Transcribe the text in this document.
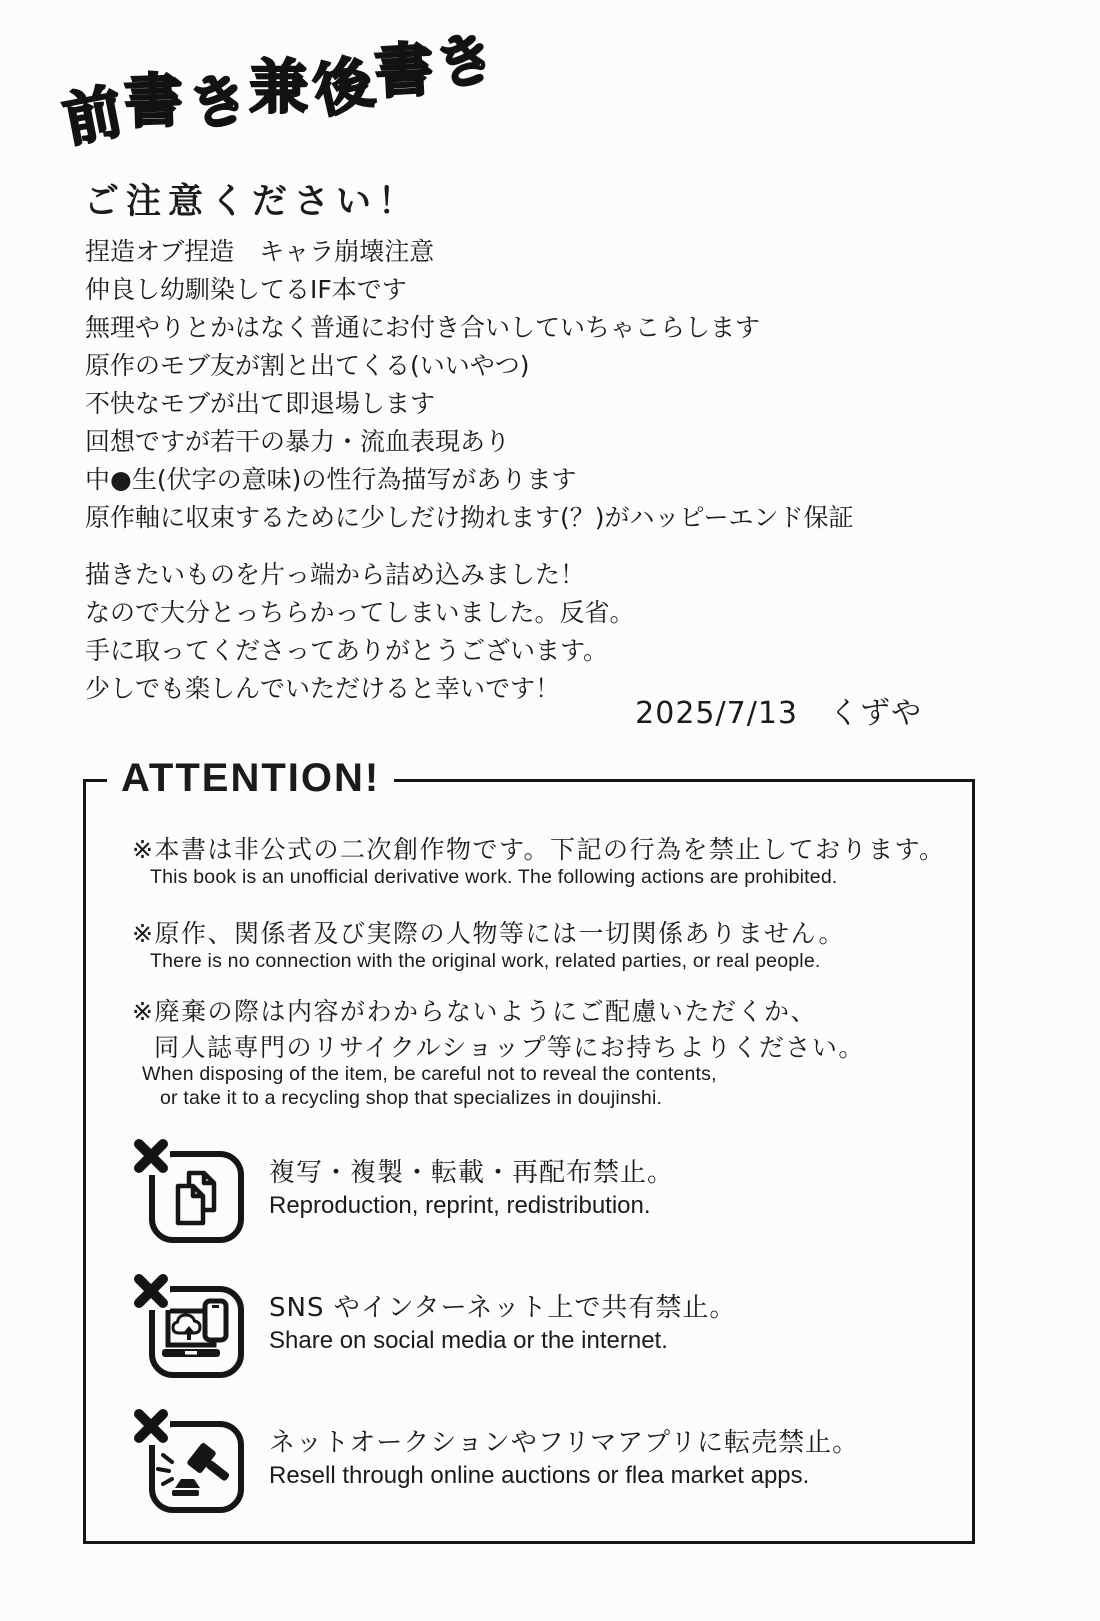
前書き兼後書き
ご注意ください！
捏造オブ捏造　キャラ崩壊注意
仲良し幼馴染してるIF本です
無理やりとかはなく普通にお付き合いしていちゃこらします
原作のモブ友が割と出てくる(いいやつ)
不快なモブが出て即退場します
回想ですが若干の暴力・流血表現あり
中●生(伏字の意味)の性行為描写があります
原作軸に収束するために少しだけ拗れます(？)がハッピーエンド保証
描きたいものを片っ端から詰め込みました！
なので大分とっちらかってしまいました。反省。
手に取ってくださってありがとうございます。
少しでも楽しんでいただけると幸いです！
2025/7/13　くずや
ATTENTION!
※本書は非公式の二次創作物です。下記の行為を禁止しております。
This book is an unofficial derivative work. The following actions are prohibited.
※原作、関係者及び実際の人物等には一切関係ありません。
There is no connection with the original work, related parties, or real people.
※廃棄の際は内容がわからないようにご配慮いただくか、
同人誌専門のリサイクルショップ等にお持ちよりください。
When disposing of the item, be careful not to reveal the contents,
or take it to a recycling shop that specializes in doujinshi.
複写・複製・転載・再配布禁止。
Reproduction, reprint, redistribution.
SNS やインターネット上で共有禁止。
Share on social media or the internet.
ネットオークションやフリマアプリに転売禁止。
Resell through online auctions or flea market apps.
